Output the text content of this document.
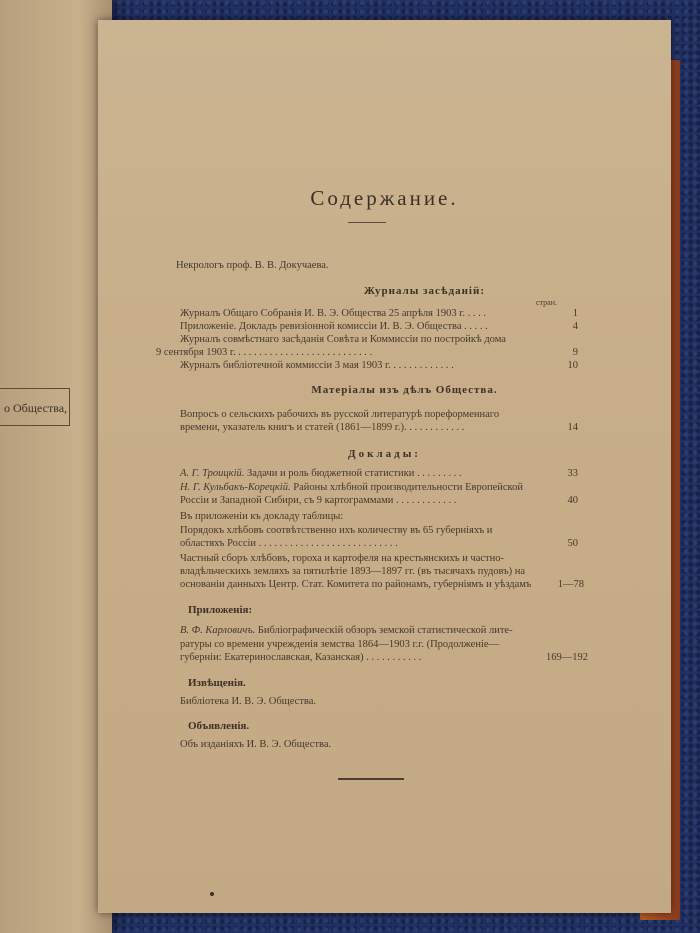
о Общества,
Содержание.
Некрологъ проф. В. В. Докучаева.
Журналы засѣданій:
стран.
Журналъ Общаго Собранія И. В. Э. Общества 25 апрѣля 1903 г. . . . .	1
Приложеніе. Докладъ ревизіонной комиссіи И. В. Э. Общества . . . . .	4
Журналъ совмѣстнаго засѣданія Совѣта и Коммиссіи по постройкѣ дома
9 сентября 1903 г. . . . . . . . . . . . . . . . . . . . . . . . . . .	9
Журналъ библіотечной коммиссіи 3 мая 1903 г. . . . . . . . . . . . .	10
Матеріалы изъ дѣлъ Общества.
Вопросъ о сельскихъ рабочихъ въ русской литературѣ пореформеннаго
времени, указатель книгъ и статей (1861—1899 г.). . . . . . . . . . . .	14
Доклады:
А. Г. Троицкій. Задачи и роль бюджетной статистики . . . . . . . . .	33
Н. Г. Кульбакъ-Корецкій. Районы хлѣбной производительности Европейской
Россіи и Западной Сибири, съ 9 картограммами . . . . . . . . . . . .	40
Въ приложеніи къ докладу таблицы:
Порядокъ хлѣбовъ соотвѣтственно ихъ количеству въ 65 губерніяхъ и
областяхъ Россіи . . . . . . . . . . . . . . . . . . . . . . . . . . .	50
Частный сборъ хлѣбовъ, гороха и картофеля на крестьянскихъ и частно-
владѣльческихъ земляхъ за пятилѣтіе 1893—1897 гг. (въ тысячахъ пудовъ) на
основаніи данныхъ Центр. Стат. Комитета по районамъ, губерніямъ и уѣздамъ	1—78
Приложенія:
В. Ф. Карловичъ. Библіографическій обзоръ земской статистической лите-
ратуры со времени учрежденія земства 1864—1903 г.г. (Продолженіе—
губерніи: Екатеринославская, Казанская) . . . . . . . . . . .	169—192
Извѣщенія.
Библіотека И. В. Э. Общества.
Объявленія.
Объ изданіяхъ И. В. Э. Общества.
